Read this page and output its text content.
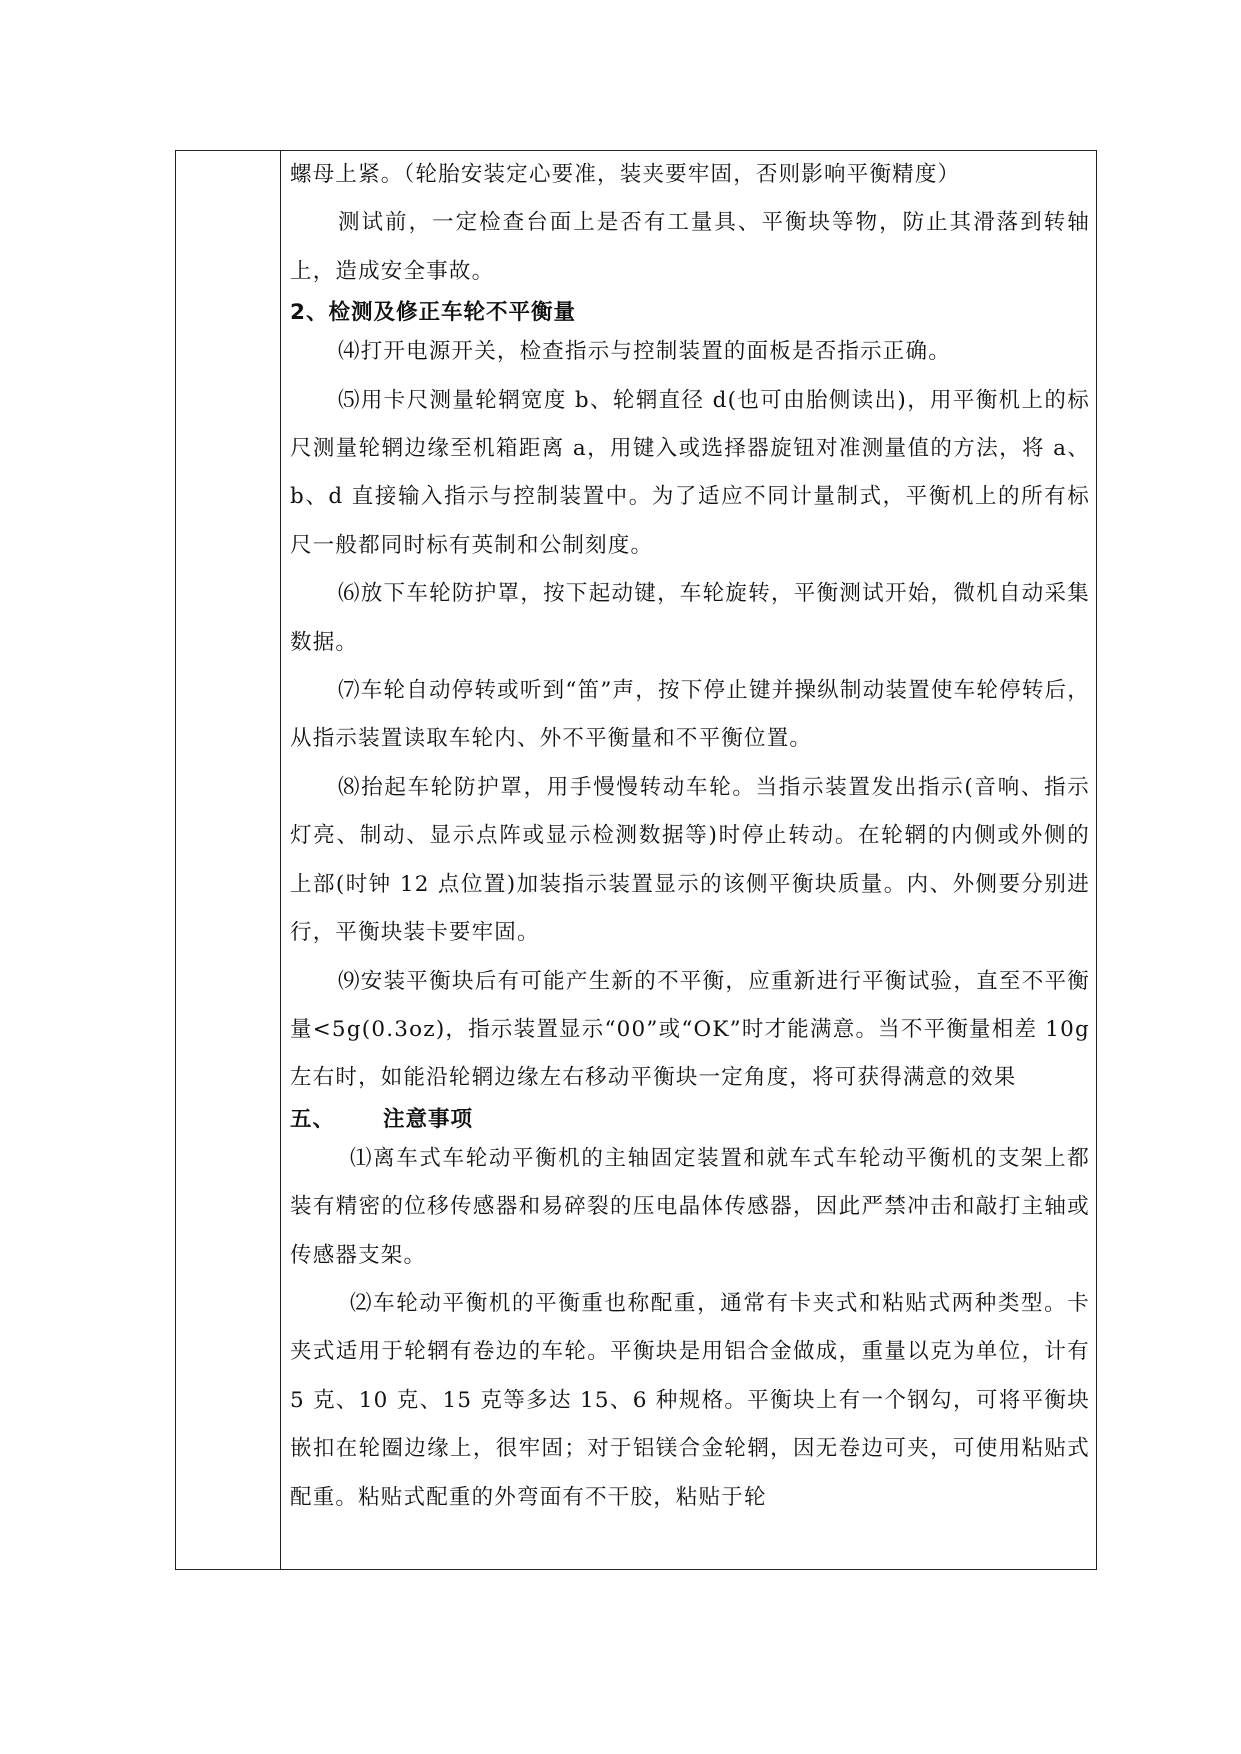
螺母上紧。（轮胎安装定心要准，装夹要牢固，否则影响平衡精度）

测试前，一定检查台面上是否有工量具、平衡块等物，防止其滑落到转轴上，造成安全事故。

2、检测及修正车轮不平衡量

⑷打开电源开关，检查指示与控制装置的面板是否指示正确。

⑸用卡尺测量轮辋宽度 b、轮辋直径 d(也可由胎侧读出)，用平衡机上的标尺测量轮辋边缘至机箱距离 a，用键入或选择器旋钮对准测量值的方法，将 a、b、d 直接输入指示与控制装置中。为了适应不同计量制式，平衡机上的所有标尺一般都同时标有英制和公制刻度。

⑹放下车轮防护罩，按下起动键，车轮旋转，平衡测试开始，微机自动采集数据。

⑺车轮自动停转或听到“笛”声，按下停止键并操纵制动装置使车轮停转后，从指示装置读取车轮内、外不平衡量和不平衡位置。

⑻抬起车轮防护罩，用手慢慢转动车轮。当指示装置发出指示(音响、指示灯亮、制动、显示点阵或显示检测数据等)时停止转动。在轮辋的内侧或外侧的上部(时钟 12 点位置)加装指示装置显示的该侧平衡块质量。内、外侧要分别进行，平衡块装卡要牢固。

⑼安装平衡块后有可能产生新的不平衡，应重新进行平衡试验，直至不平衡量<5g(0.3oz)，指示装置显示“00”或“OK”时才能满意。当不平衡量相差 10g 左右时，如能沿轮辋边缘左右移动平衡块一定角度，将可获得满意的效果

五、 注意事项

⑴离车式车轮动平衡机的主轴固定装置和就车式车轮动平衡机的支架上都装有精密的位移传感器和易碎裂的压电晶体传感器，因此严禁冲击和敲打主轴或传感器支架。

⑵车轮动平衡机的平衡重也称配重，通常有卡夹式和粘贴式两种类型。卡夹式适用于轮辋有卷边的车轮。平衡块是用铝合金做成，重量以克为单位，计有 5 克、10 克、15 克等多达 15、6 种规格。平衡块上有一个钢勾，可将平衡块嵌扣在轮圈边缘上，很牢固；对于铝镁合金轮辋，因无卷边可夹，可使用粘贴式配重。粘贴式配重的外弯面有不干胶，粘贴于轮
